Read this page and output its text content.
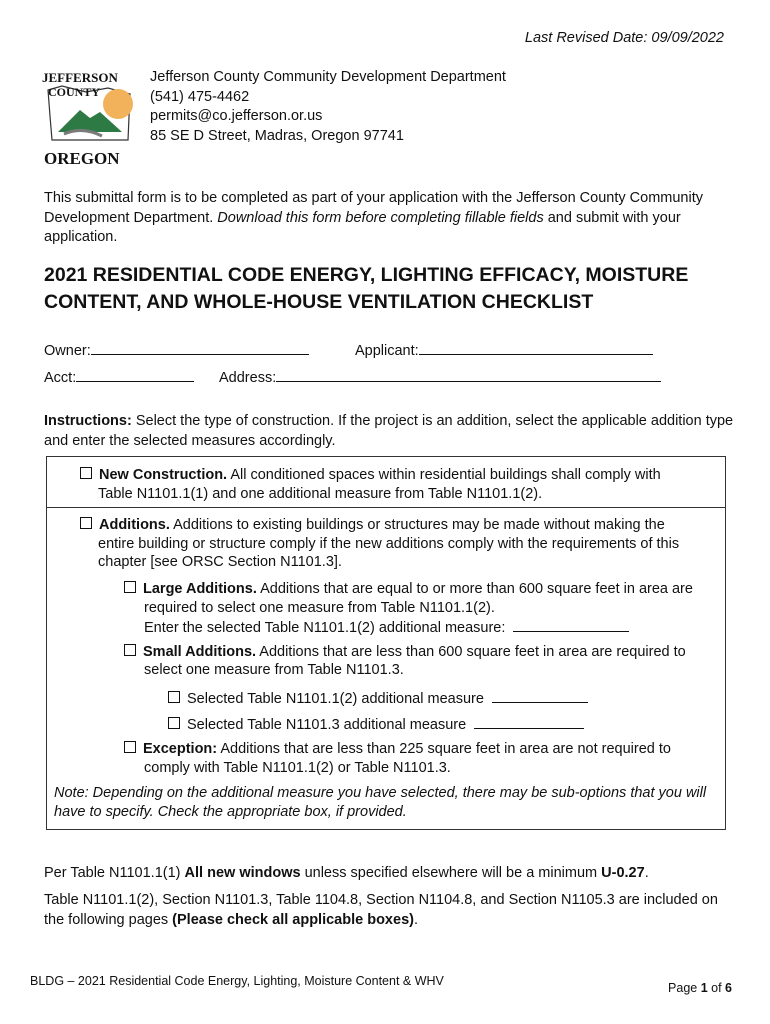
Last Revised Date: 09/09/2022
JEFFERSON
COUNTY
OREGON
Jefferson County Community Development Department
(541) 475-4462
permits@co.jefferson.or.us
85 SE D Street, Madras, Oregon 97741
This submittal form is to be completed as part of your application with the Jefferson County Community Development Department. Download this form before completing fillable fields and submit with your application.
2021 RESIDENTIAL CODE ENERGY, LIGHTING EFFICACY, MOISTURE CONTENT, AND WHOLE-HOUSE VENTILATION CHECKLIST
Owner:	Applicant:
Acct:	Address:
Instructions: Select the type of construction. If the project is an addition, select the applicable addition type and enter the selected measures accordingly.
New Construction. All conditioned spaces within residential buildings shall comply with
Table N1101.1(1) and one additional measure from Table N1101.1(2).
Additions. Additions to existing buildings or structures may be made without making the
entire building or structure comply if the new additions comply with the requirements of this
chapter [see ORSC Section N1101.3].
Large Additions. Additions that are equal to or more than 600 square feet in area are
required to select one measure from Table N1101.1(2).
Enter the selected Table N1101.1(2) additional measure:
Small Additions. Additions that are less than 600 square feet in area are required to
select one measure from Table N1101.3.
Selected Table N1101.1(2) additional measure
Selected Table N1101.3 additional measure
Exception: Additions that are less than 225 square feet in area are not required to
comply with Table N1101.1(2) or Table N1101.3.
Note: Depending on the additional measure you have selected, there may be sub-options that you will have to specify. Check the appropriate box, if provided.
Per Table N1101.1(1) All new windows unless specified elsewhere will be a minimum U-0.27.
Table N1101.1(2), Section N1101.3, Table 1104.8, Section N1104.8, and Section N1105.3 are included on the following pages (Please check all applicable boxes).
BLDG – 2021 Residential Code Energy, Lighting, Moisture Content & WHV	Page 1 of 6
